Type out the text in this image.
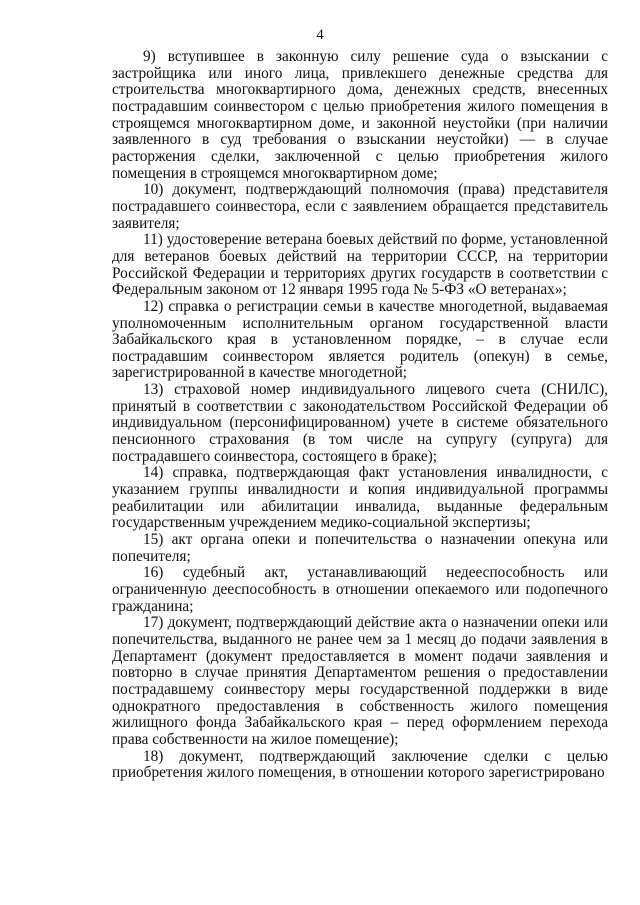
4

9) вступившее в законную силу решение суда о взыскании с застройщика или иного лица, привлекшего денежные средства для строительства многоквартирного дома, денежных средств, внесенных пострадавшим соинвестором с целью приобретения жилого помещения в строящемся многоквартирном доме, и законной неустойки (при наличии заявленного в суд требования о взыскании неустойки) — в случае расторжения сделки, заключенной с целью приобретения жилого помещения в строящемся многоквартирном доме;

10) документ, подтверждающий полномочия (права) представителя пострадавшего соинвестора, если с заявлением обращается представитель заявителя;

11) удостоверение ветерана боевых действий по форме, установленной для ветеранов боевых действий на территории СССР, на территории Российской Федерации и территориях других государств в соответствии с Федеральным законом от 12 января 1995 года № 5-ФЗ «О ветеранах»;

12) справка о регистрации семьи в качестве многодетной, выдаваемая уполномоченным исполнительным органом государственной власти Забайкальского края в установленном порядке, – в случае если пострадавшим соинвестором является родитель (опекун) в семье, зарегистрированной в качестве многодетной;

13) страховой номер индивидуального лицевого счета (СНИЛС), принятый в соответствии с законодательством Российской Федерации об индивидуальном (персонифицированном) учете в системе обязательного пенсионного страхования (в том числе на супругу (супруга) для пострадавшего соинвестора, состоящего в браке);

14) справка, подтверждающая факт установления инвалидности, с указанием группы инвалидности и копия индивидуальной программы реабилитации или абилитации инвалида, выданные федеральным государственным учреждением медико-социальной экспертизы;

15) акт органа опеки и попечительства о назначении опекуна или попечителя;

16) судебный акт, устанавливающий недееспособность или ограниченную дееспособность в отношении опекаемого или подопечного гражданина;

17) документ, подтверждающий действие акта о назначении опеки или попечительства, выданного не ранее чем за 1 месяц до подачи заявления в Департамент (документ предоставляется в момент подачи заявления и повторно в случае принятия Департаментом решения о предоставлении пострадавшему соинвестору меры государственной поддержки в виде однократного предоставления в собственность жилого помещения жилищного фонда Забайкальского края – перед оформлением перехода права собственности на жилое помещение);

18) документ, подтверждающий заключение сделки с целью приобретения жилого помещения, в отношении которого зарегистрировано
